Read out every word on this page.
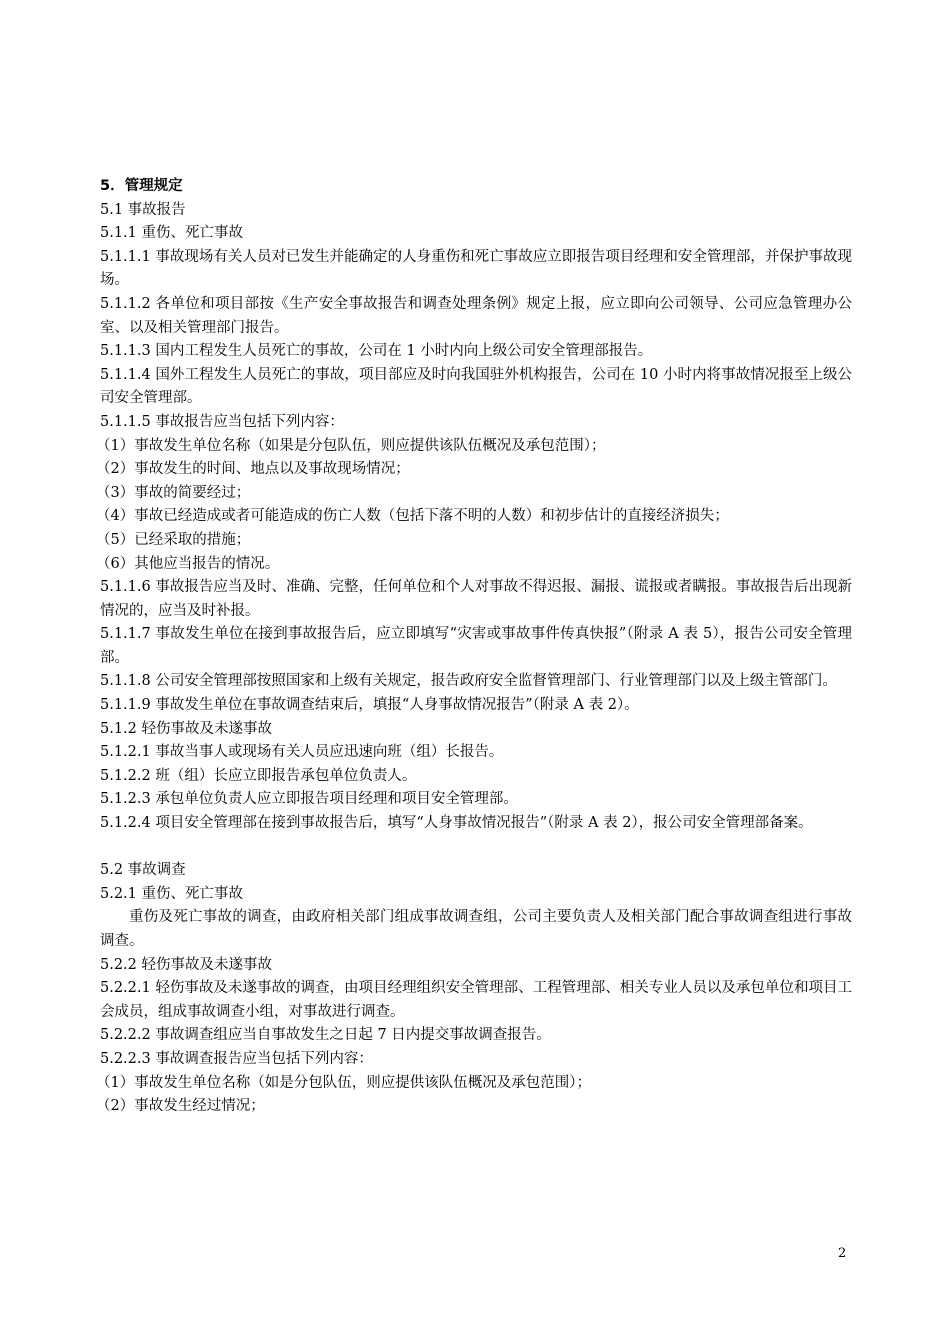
5．管理规定

5.1 事故报告

5.1.1 重伤、死亡事故

5.1.1.1 事故现场有关人员对已发生并能确定的人身重伤和死亡事故应立即报告项目经理和安全管理部，并保护事故现场。

5.1.1.2 各单位和项目部按《生产安全事故报告和调查处理条例》规定上报，应立即向公司领导、公司应急管理办公室、以及相关管理部门报告。

5.1.1.3 国内工程发生人员死亡的事故，公司在 1 小时内向上级公司安全管理部报告。

5.1.1.4 国外工程发生人员死亡的事故，项目部应及时向我国驻外机构报告，公司在 10 小时内将事故情况报至上级公司安全管理部。

5.1.1.5 事故报告应当包括下列内容：

（1）事故发生单位名称（如果是分包队伍，则应提供该队伍概况及承包范围）；

（2）事故发生的时间、地点以及事故现场情况；

（3）事故的简要经过；

（4）事故已经造成或者可能造成的伤亡人数（包括下落不明的人数）和初步估计的直接经济损失；

（5）已经采取的措施；

（6）其他应当报告的情况。

5.1.1.6 事故报告应当及时、准确、完整，任何单位和个人对事故不得迟报、漏报、谎报或者瞒报。事故报告后出现新情况的，应当及时补报。

5.1.1.7 事故发生单位在接到事故报告后，应立即填写“灾害或事故事件传真快报”（附录 A 表 5），报告公司安全管理部。

5.1.1.8 公司安全管理部按照国家和上级有关规定，报告政府安全监督管理部门、行业管理部门以及上级主管部门。

5.1.1.9 事故发生单位在事故调查结束后，填报“人身事故情况报告”（附录 A 表 2）。

5.1.2 轻伤事故及未遂事故

5.1.2.1 事故当事人或现场有关人员应迅速向班（组）长报告。

5.1.2.2 班（组）长应立即报告承包单位负责人。

5.1.2.3 承包单位负责人应立即报告项目经理和项目安全管理部。

5.1.2.4 项目安全管理部在接到事故报告后，填写“人身事故情况报告”（附录 A 表 2），报公司安全管理部备案。

5.2 事故调查

5.2.1 重伤、死亡事故

重伤及死亡事故的调查，由政府相关部门组成事故调查组，公司主要负责人及相关部门配合事故调查组进行事故调查。

5.2.2 轻伤事故及未遂事故

5.2.2.1 轻伤事故及未遂事故的调查，由项目经理组织安全管理部、工程管理部、相关专业人员以及承包单位和项目工会成员，组成事故调查小组，对事故进行调查。

5.2.2.2 事故调查组应当自事故发生之日起 7 日内提交事故调查报告。

5.2.2.3 事故调查报告应当包括下列内容：

（1）事故发生单位名称（如是分包队伍，则应提供该队伍概况及承包范围）；

（2）事故发生经过情况；

2
